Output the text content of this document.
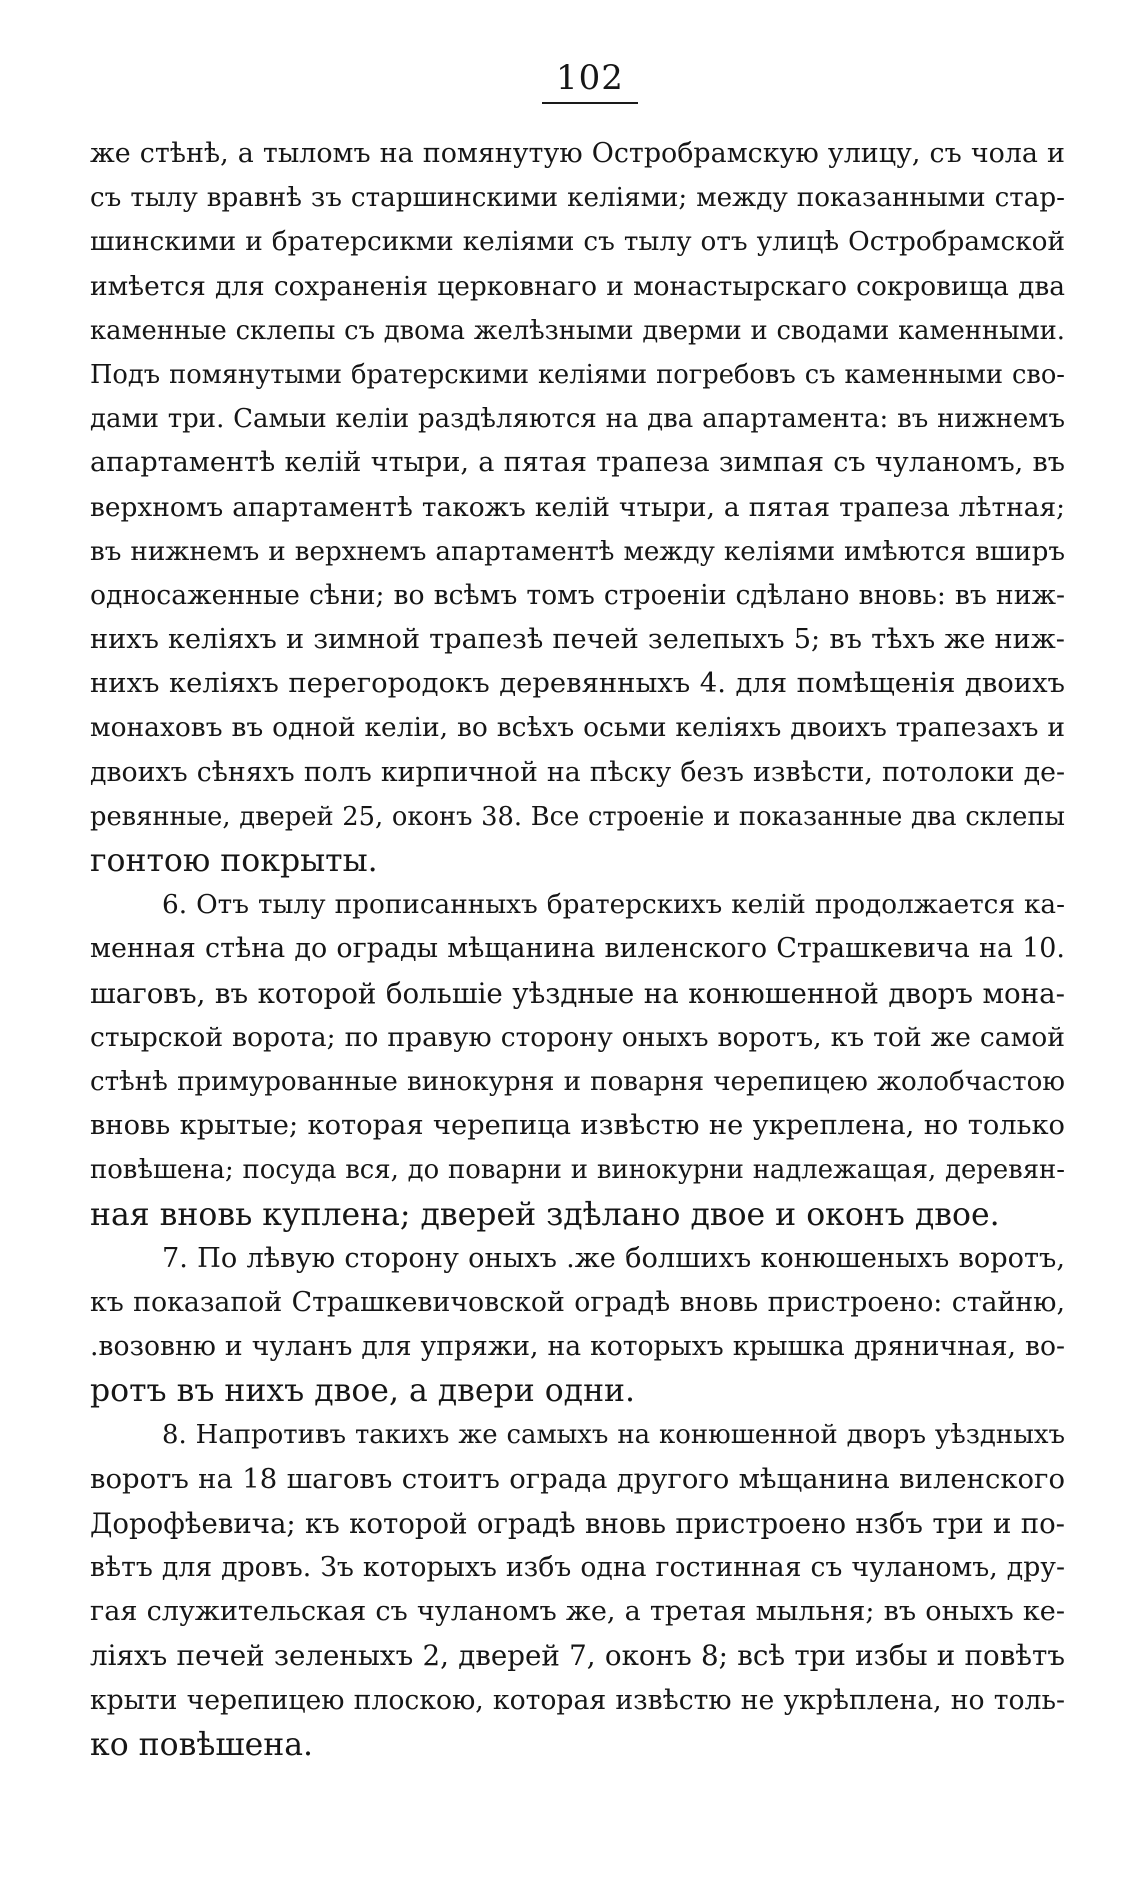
102
же стѣнѣ, а тыломъ на помянутую Остробрамскую улицу, съ чола и
съ тылу вравнѣ зъ старшинскими келіями; между показанными стар-
шинскими и братерсикми келіями съ тылу отъ улицѣ Остробрамской
имѣется для сохраненія церковнаго и монастырскаго сокровища два
каменные склепы съ двома желѣзными дверми и сводами каменными.
Подъ помянутыми братерскими келіями погребовъ съ каменными сво-
дами три. Самыи келіи раздѣляются на два апартамента: въ нижнемъ
апартаментѣ келій чтыри, а пятая трапеза зимпая съ чуланомъ, въ
верхномъ апартаментѣ такожъ келій чтыри, а пятая трапеза лѣтная;
въ нижнемъ и верхнемъ апартаментѣ между келіями имѣются вширъ
односаженные сѣни; во всѣмъ томъ строеніи сдѣлано вновь: въ ниж-
нихъ келіяхъ и зимной трапезѣ печей зелепыхъ 5; въ тѣхъ же ниж-
нихъ келіяхъ перегородокъ деревянныхъ 4. для помѣщенія двоихъ
монаховъ въ одной келіи, во всѣхъ осьми келіяхъ двоихъ трапезахъ и
двоихъ сѣняхъ полъ кирпичной на пѣску безъ извѣсти, потолоки де-
ревянные, дверей 25, оконъ 38. Все строеніе и показанные два склепы
гонтою покрыты.
6. Отъ тылу прописанныхъ братерскихъ келій продолжается ка-
менная стѣна до ограды мѣщанина виленского Страшкевича на 10.
шаговъ, въ которой большіе уѣздные на конюшенной дворъ мона-
стырской ворота; по правую сторону оныхъ воротъ, къ той же самой
стѣнѣ примурованные винокурня и поварня черепицею жолобчастою
вновь крытые; которая черепица извѣстю не укреплена, но только
повѣшена; посуда вся, до поварни и винокурни надлежащая, деревян-
ная вновь куплена; дверей здѣлано двое и оконъ двое.
7. По лѣвую сторону оныхъ .же болшихъ конюшеныхъ воротъ,
къ показапой Страшкевичовской оградѣ вновь пристроено: стайню,
.возовню и чуланъ для упряжи, на которыхъ крышка дряничная, во-
ротъ въ нихъ двое, а двери одни.
8. Напротивъ такихъ же самыхъ на конюшенной дворъ уѣздныхъ
воротъ на 18 шаговъ стоитъ ограда другого мѣщанина виленского
Дорофѣевича; къ которой оградѣ вновь пристроено нзбъ три и по-
вѣтъ для дровъ. Зъ которыхъ избъ одна гостинная съ чуланомъ, дру-
гая служительская съ чуланомъ же, а третая мыльня; въ оныхъ ке-
ліяхъ печей зеленыхъ 2, дверей 7, оконъ 8; всѣ три избы и повѣтъ
крыти черепицею плоскою, которая извѣстю не укрѣплена, но толь-
ко повѣшена.
